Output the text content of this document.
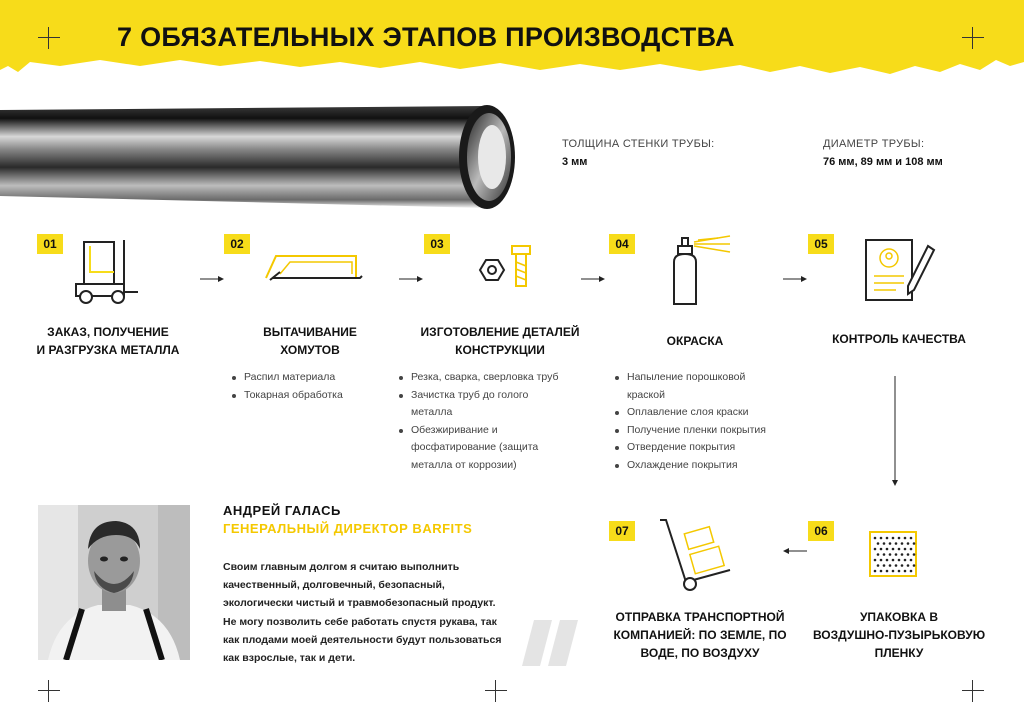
7 ОБЯЗАТЕЛЬНЫХ ЭТАПОВ ПРОИЗВОДСТВА
ТОЛЩИНА СТЕНКИ ТРУБЫ:
3 мм
ДИАМЕТР ТРУБЫ:
76 мм, 89 мм и 108 мм
01	02	03	04	05
06
07
ЗАКАЗ, ПОЛУЧЕНИЕ
И РАЗГРУЗКА МЕТАЛЛА
ВЫТАЧИВАНИЕ
ХОМУТОВ
ИЗГОТОВЛЕНИЕ ДЕТАЛЕЙ
КОНСТРУКЦИИ
ОКРАСКА	КОНТРОЛЬ КАЧЕСТВА
УПАКОВКА В
ВОЗДУШНО-ПУЗЫРЬКОВУЮ
ПЛЕНКУ
ОТПРАВКА ТРАНСПОРТНОЙ
КОМПАНИЕЙ: ПО ЗЕМЛЕ, ПО
ВОДЕ, ПО ВОЗДУХУ
Распил материала
Токарная обработка
Резка, сварка, сверловка труб
Зачистка труб до голого
металла
Обезжиривание и
фосфатирование (защита
металла от коррозии)
Напыление порошковой
краской
Оплавление слоя краски
Получение пленки покрытия
Отвердение покрытия
Охлаждение покрытия
АНДРЕЙ ГАЛАСЬ
ГЕНЕРАЛЬНЫЙ ДИРЕКТОР BARFITS
Своим главным долгом я считаю выполнить
качественный, долговечный, безопасный,
экологически чистый и травмобезопасный продукт.
Не могу позволить себе работать спустя рукава, так
как плодами моей деятельности будут пользоваться
как взрослые, так и дети.
